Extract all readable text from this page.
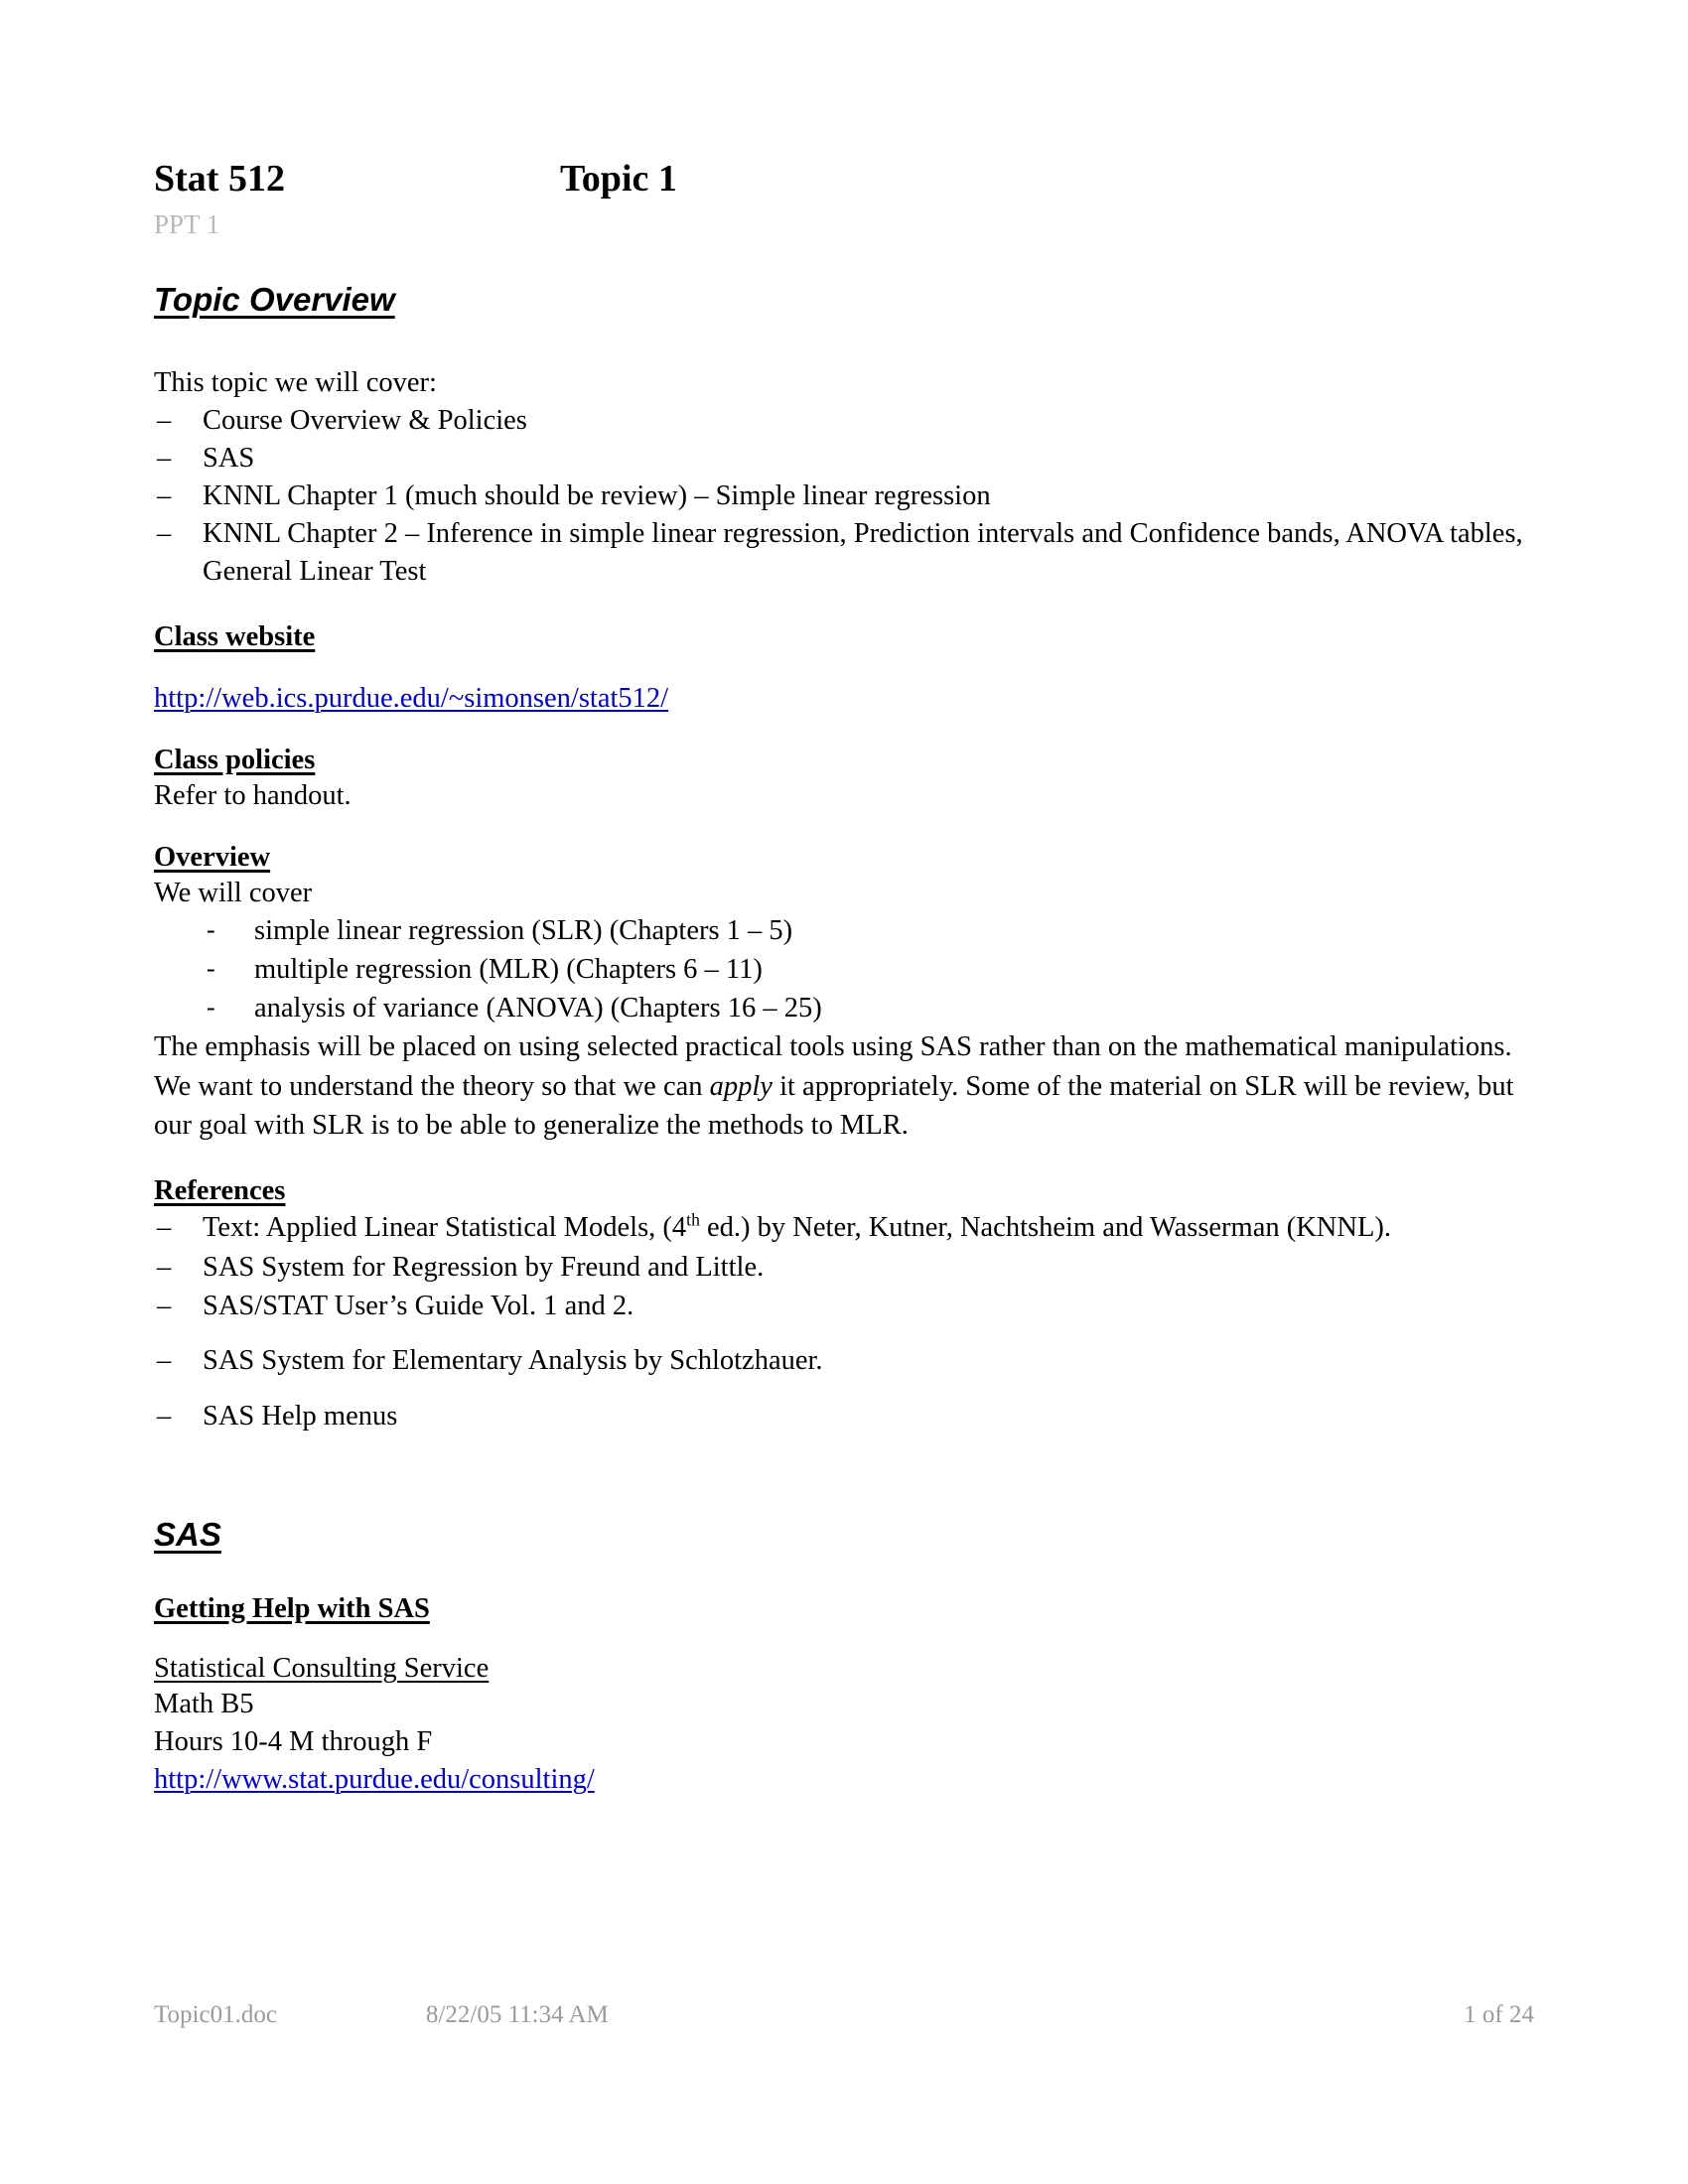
Stat 512	Topic 1
PPT 1
Topic Overview
This topic we will cover:
– Course Overview & Policies
– SAS
– KNNL Chapter 1 (much should be review) – Simple linear regression
– KNNL Chapter 2 – Inference in simple linear regression, Prediction intervals and Confidence bands, ANOVA tables, General Linear Test
Class website
http://web.ics.purdue.edu/~simonsen/stat512/
Class policies
Refer to handout.
Overview
We will cover
- simple linear regression (SLR) (Chapters 1 – 5)
- multiple regression (MLR) (Chapters 6 – 11)
- analysis of variance (ANOVA) (Chapters 16 – 25)

The emphasis will be placed on using selected practical tools using SAS rather than on the mathematical manipulations. We want to understand the theory so that we can apply it appropriately. Some of the material on SLR will be review, but our goal with SLR is to be able to generalize the methods to MLR.

References
– Text: Applied Linear Statistical Models, (4th ed.) by Neter, Kutner, Nachtsheim and Wasserman (KNNL).
– SAS System for Regression by Freund and Little.
– SAS/STAT User’s Guide Vol. 1 and 2.
– SAS System for Elementary Analysis by Schlotzhauer.
– SAS Help menus
SAS
Getting Help with SAS
Statistical Consulting Service
Math B5
Hours 10-4 M through F
http://www.stat.purdue.edu/consulting/
Topic01.doc	8/22/05 11:34 AM	1 of 24
